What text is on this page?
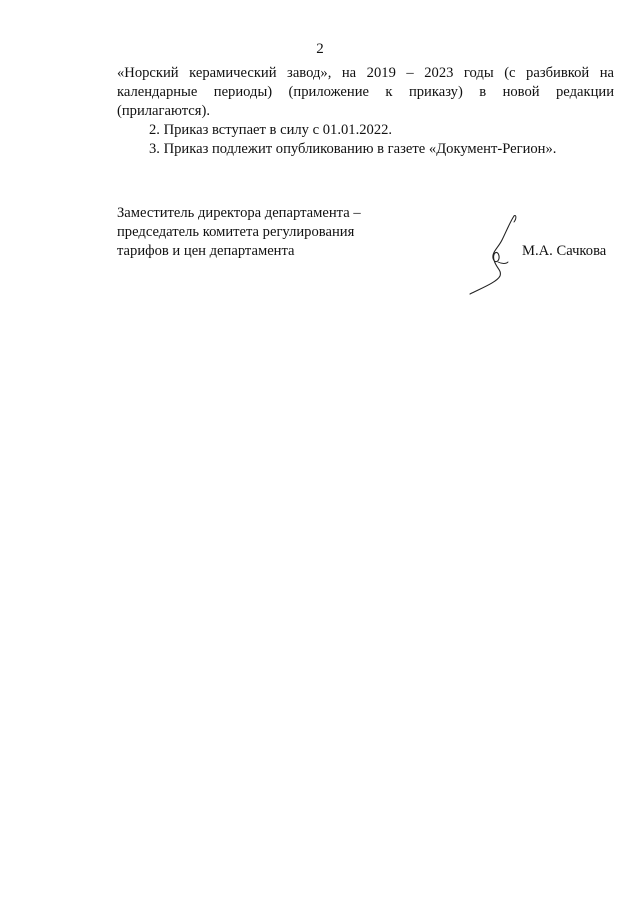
2

«Норский керамический завод», на 2019 – 2023 годы (с разбивкой на календарные периоды) (приложение к приказу) в новой редакции (прилагаются).

2. Приказ вступает в силу с 01.01.2022.

3. Приказ подлежит опубликованию в газете «Документ-Регион».

Заместитель директора департамента –
председатель комитета регулирования
тарифов и цен департамента	М.А. Сачкова
